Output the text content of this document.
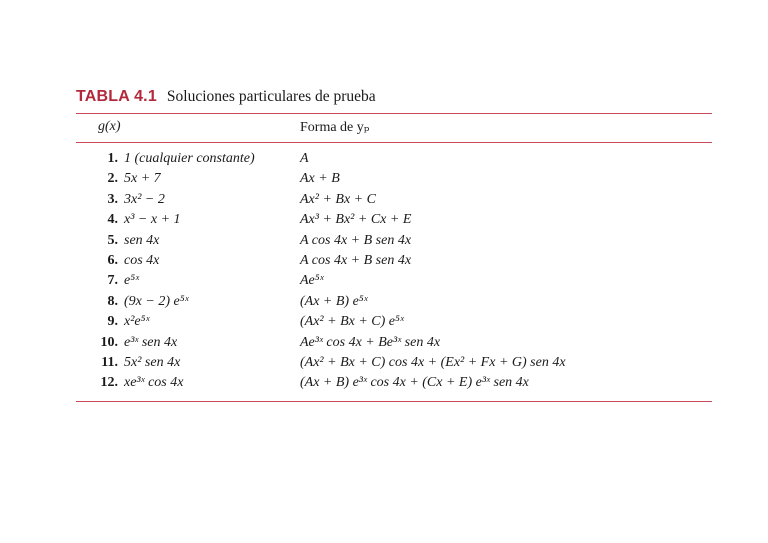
TABLA 4.1 Soluciones particulares de prueba
g(x)	Forma de yₚ
1. 1 (cualquier constante)	A
2. 5x + 7	Ax + B
3. 3x² − 2	Ax² + Bx + C
4. x³ − x + 1	Ax³ + Bx² + Cx + E
5. sen 4x	A cos 4x + B sen 4x
6. cos 4x	A cos 4x + B sen 4x
7. e⁵ˣ	Ae⁵ˣ
8. (9x − 2) e⁵ˣ	(Ax + B) e⁵ˣ
9. x²e⁵ˣ	(Ax² + Bx + C) e⁵ˣ
10. e³ˣ sen 4x	Ae³ˣ cos 4x + Be³ˣ sen 4x
11. 5x² sen 4x	(Ax² + Bx + C) cos 4x + (Ex² + Fx + G) sen 4x
12. xe³ˣ cos 4x	(Ax + B) e³ˣ cos 4x + (Cx + E) e³ˣ sen 4x
